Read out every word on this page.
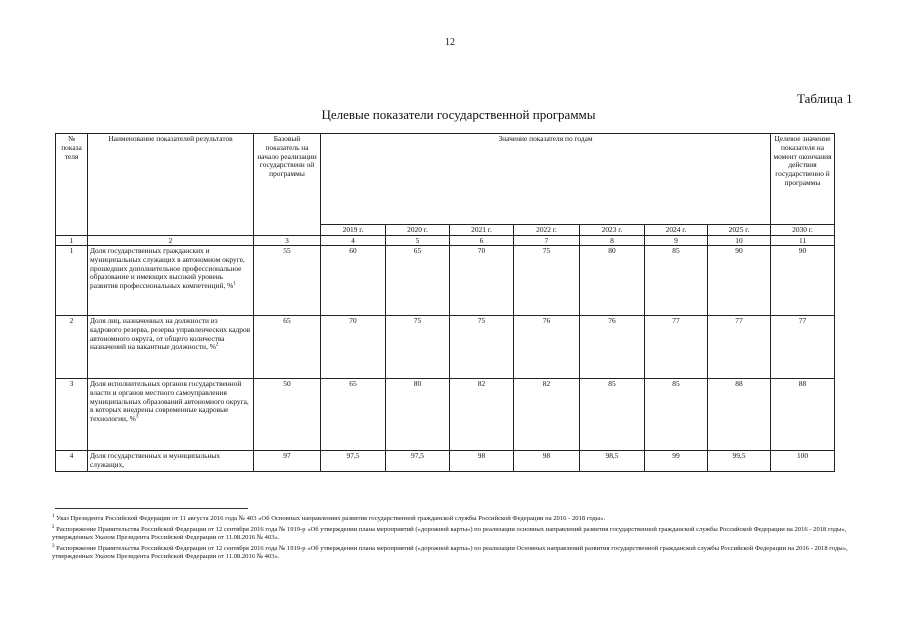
12
Таблица 1
Целевые показатели государственной программы
№ показа теля	Наименование показателей результатов	Базовый показатель на начало реализации государственн ой программы	Значение показателя по годам							Целевое значение показателя на момент окончания действия государственно й программы
			2019 г.	2020 г.	2021 г.	2022 г.	2023 г.	2024 г.	2025 г.	2030 г.
1	2	3	4	5	6	7	8	9	10	11
1	Доля государственных гражданских и муниципальных служащих в автономном округе, прошедших дополнительное профессиональное образование и имеющих высокий уровень развития профессиональных компетенций, %$^1$	55	60	65	70	75	80	85	90	90
2	Доля лиц, назначенных на должности из кадрового резерва, резерва управленческих кадров автономного округа, от общего количества назначений на вакантные должности, %$^2$	65	70	75	75	76	76	77	77	77
3	Доля исполнительных органов государственной власти и органов местного самоуправления муниципальных образований автономного округа, в которых внедрены современные кадровые технологии, %$^3$	50	65	80	82	82	85	85	88	88
4	Доля государственных и муниципальных служащих,	97	97,5	97,5	98	98	98,5	99	99,5	100

$^1$ Указ Президента Российской Федерации от 11 августа 2016 года № 403 «Об Основных направлениях развития государственной гражданской службы Российской Федерации на 2016 - 2018 годы».

$^2$ Распоряжение Правительства Российской Федерации от 12 сентября 2016 года № 1919-р «Об утверждении плана мероприятий («дорожной карты») по реализации основных направлений развития государственной гражданской службы Российской Федерации на 2016 - 2018 годы», утвержденных Указом Президента Российской Федерации от 11.08.2016 № 403».

$^3$ Распоряжение Правительства Российской Федерации от 12 сентября 2016 года № 1919-р «Об утверждении плана мероприятий («дорожной карты») по реализации Основных направлений развития государственной гражданской службы Российской Федерации на 2016 - 2018 годы», утвержденных Указом Президента Российской Федерации от 11.08.2016 № 403».
